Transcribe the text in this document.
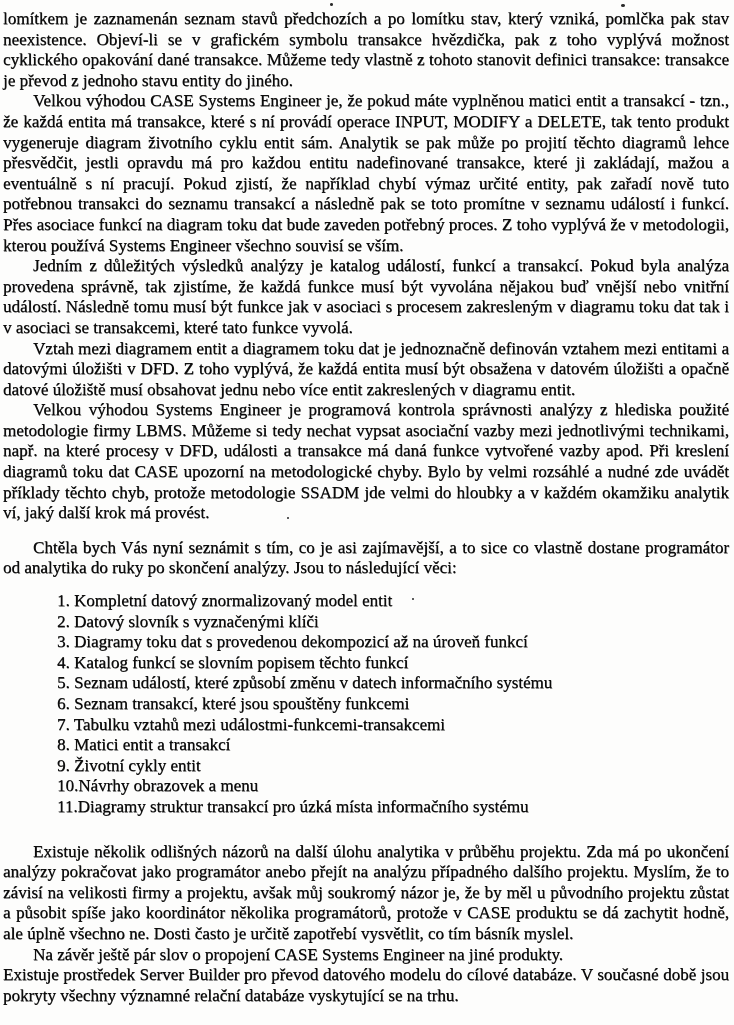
lomítkem je zaznamenán seznam stavů předchozích a po lomítku stav, který vzniká, pomlčka pak stav neexistence. Objeví-li se v grafickém symbolu transakce hvězdička, pak z toho vyplývá možnost cyklického opakování dané transakce. Můžeme tedy vlastně z tohoto stanovit definici transakce: transakce je převod z jednoho stavu entity do jiného.

Velkou výhodou CASE Systems Engineer je, že pokud máte vyplněnou matici entit a transakcí - tzn., že každá entita má transakce, které s ní provádí operace INPUT, MODIFY a DELETE, tak tento produkt vygeneruje diagram životního cyklu entit sám. Analytik se pak může po projití těchto diagramů lehce přesvědčit, jestli opravdu má pro každou entitu nadefinované transakce, které ji zakládají, mažou a eventuálně s ní pracují. Pokud zjistí, že například chybí výmaz určité entity, pak zařadí nově tuto potřebnou transakci do seznamu transakcí a následně pak se toto promítne v seznamu událostí i funkcí. Přes asociace funkcí na diagram toku dat bude zaveden potřebný proces. Z toho vyplývá že v metodologii, kterou používá Systems Engineer všechno souvisí se vším.

Jedním z důležitých výsledků analýzy je katalog událostí, funkcí a transakcí. Pokud byla analýza provedena správně, tak zjistíme, že každá funkce musí být vyvolána nějakou buď vnější nebo vnitřní událostí. Následně tomu musí být funkce jak v asociaci s procesem zakresleným v diagramu toku dat tak i v asociaci se transakcemi, které tato funkce vyvolá.

Vztah mezi diagramem entit a diagramem toku dat je jednoznačně definován vztahem mezi entitami a datovými úložišti v DFD. Z toho vyplývá, že každá entita musí být obsažena v datovém úložišti a opačně datové úložiště musí obsahovat jednu nebo více entit zakreslených v diagramu entit.

Velkou výhodou Systems Engineer je programová kontrola správnosti analýzy z hlediska použité metodologie firmy LBMS. Můžeme si tedy nechat vypsat asociační vazby mezi jednotlivými technikami, např. na které procesy v DFD, události a transakce má daná funkce vytvořené vazby apod. Při kreslení diagramů toku dat CASE upozorní na metodologické chyby. Bylo by velmi rozsáhlé a nudné zde uvádět příklady těchto chyb, protože metodologie SSADM jde velmi do hloubky a v každém okamžiku analytik ví, jaký další krok má provést.

Chtěla bych Vás nyní seznámit s tím, co je asi zajímavější, a to sice co vlastně dostane programátor od analytika do ruky po skončení analýzy. Jsou to následující věci:

1. Kompletní datový znormalizovaný model entit
2. Datový slovník s vyznačenými klíči
3. Diagramy toku dat s provedenou dekompozicí až na úroveň funkcí
4. Katalog funkcí se slovním popisem těchto funkcí
5. Seznam událostí, které způsobí změnu v datech informačního systému
6. Seznam transakcí, které jsou spouštěny funkcemi
7. Tabulku vztahů mezi událostmi-funkcemi-transakcemi
8. Matici entit a transakcí
9. Životní cykly entit
10.Návrhy obrazovek a menu
11.Diagramy struktur transakcí pro úzká místa informačního systému

Existuje několik odlišných názorů na další úlohu analytika v průběhu projektu. Zda má po ukončení analýzy pokračovat jako programátor anebo přejít na analýzu případného dalšího projektu. Myslím, že to závisí na velikosti firmy a projektu, avšak můj soukromý názor je, že by měl u původního projektu zůstat a působit spíše jako koordinátor několika programátorů, protože v CASE produktu se dá zachytit hodně, ale úplně všechno ne. Dosti často je určitě zapotřebí vysvětlit, co tím básník myslel.

Na závěr ještě pár slov o propojení CASE Systems Engineer na jiné produkty.

Existuje prostředek Server Builder pro převod datového modelu do cílové databáze. V současné době jsou pokryty všechny významné relační databáze vyskytující se na trhu.
